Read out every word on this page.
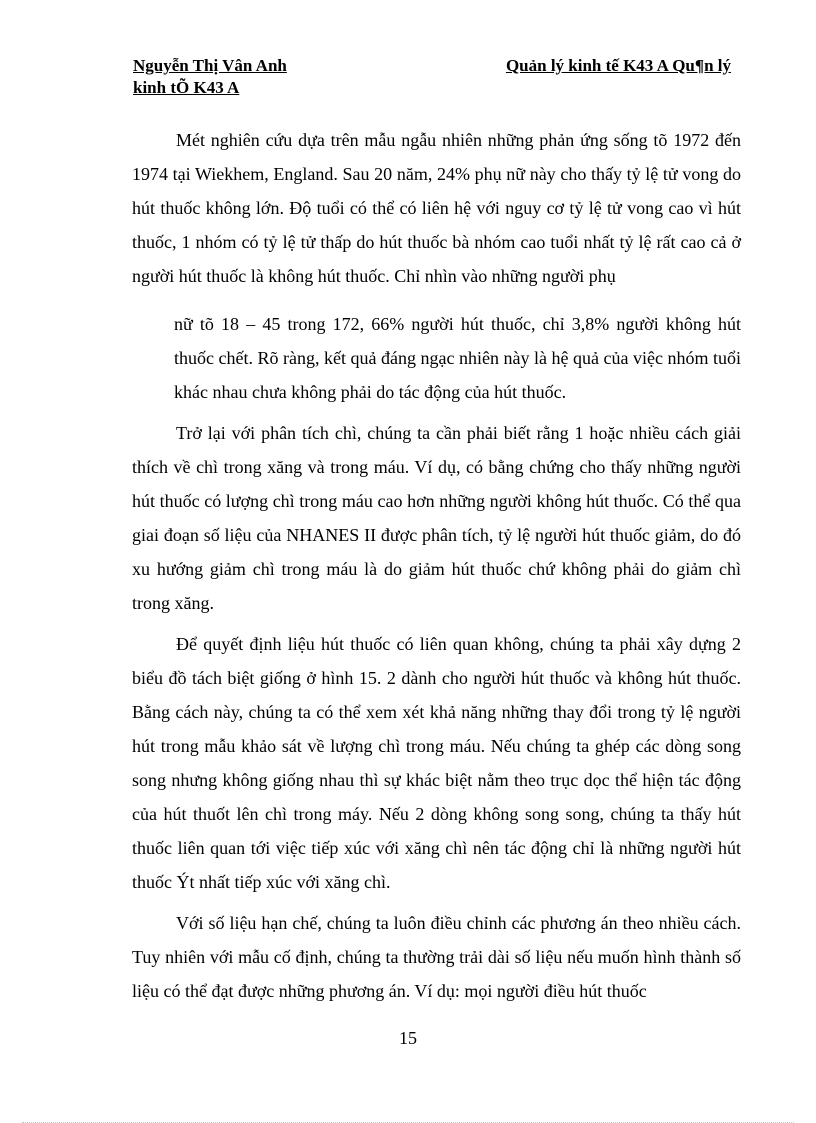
Nguyễn Thị Vân Anh	Quản lý kinh tế K43 A Qu¶n lý
kinh tÕ K43 A

Mét nghiên cứu dựa trên mẫu ngẫu nhiên những phản ứng sống tõ 1972 đến 1974 tại Wiekhem, England. Sau 20 năm, 24% phụ nữ này cho thấy tỷ lệ tử vong do hút thuốc không lớn. Độ tuổi có thể có liên hệ với nguy cơ tỷ lệ tử vong cao vì hút thuốc, 1 nhóm có tỷ lệ tử thấp do hút thuốc bà nhóm cao tuổi nhất tỷ lệ rất cao cả ở người hút thuốc là không hút thuốc. Chỉ nhìn vào những người phụ

nữ tõ 18 – 45 trong 172, 66% người hút thuốc, chỉ 3,8% người không hút thuốc chết. Rõ ràng, kết quả đáng ngạc nhiên này là hệ quả của việc nhóm tuổi khác nhau chưa không phải do tác động của hút thuốc.

Trở lại với phân tích chì, chúng ta cần phải biết rằng 1 hoặc nhiều cách giải thích về chì trong xăng và trong máu. Ví dụ, có bằng chứng cho thấy những người hút thuốc có lượng chì trong máu cao hơn những người không hút thuốc. Có thể qua giai đoạn số liệu của NHANES II được phân tích, tỷ lệ người hút thuốc giảm, do đó xu hướng giảm chì trong máu là do giảm hút thuốc chứ không phải do giảm chì trong xăng.

Để quyết định liệu hút thuốc có liên quan không, chúng ta phải xây dựng 2 biểu đồ tách biệt giống ở hình 15. 2 dành cho người hút thuốc và không hút thuốc. Bằng cách này, chúng ta có thể xem xét khả năng những thay đổi trong tỷ lệ người hút trong mẫu khảo sát về lượng chì trong máu. Nếu chúng ta ghép các dòng song song nhưng không giống nhau thì sự khác biệt nằm theo trục dọc thể hiện tác động của hút thuốt lên chì trong máy. Nếu 2 dòng không song song, chúng ta thấy hút thuốc liên quan tới việc tiếp xúc với xăng chì nên tác động chỉ là những người hút thuốc Ýt nhất tiếp xúc với xăng chì.

Với số liệu hạn chế, chúng ta luôn điều chỉnh các phương án theo nhiều cách. Tuy nhiên với mẫu cố định, chúng ta thường trải dài số liệu nếu muốn hình thành số liệu có thể đạt được những phương án. Ví dụ: mọi người điều hút thuốc

15
